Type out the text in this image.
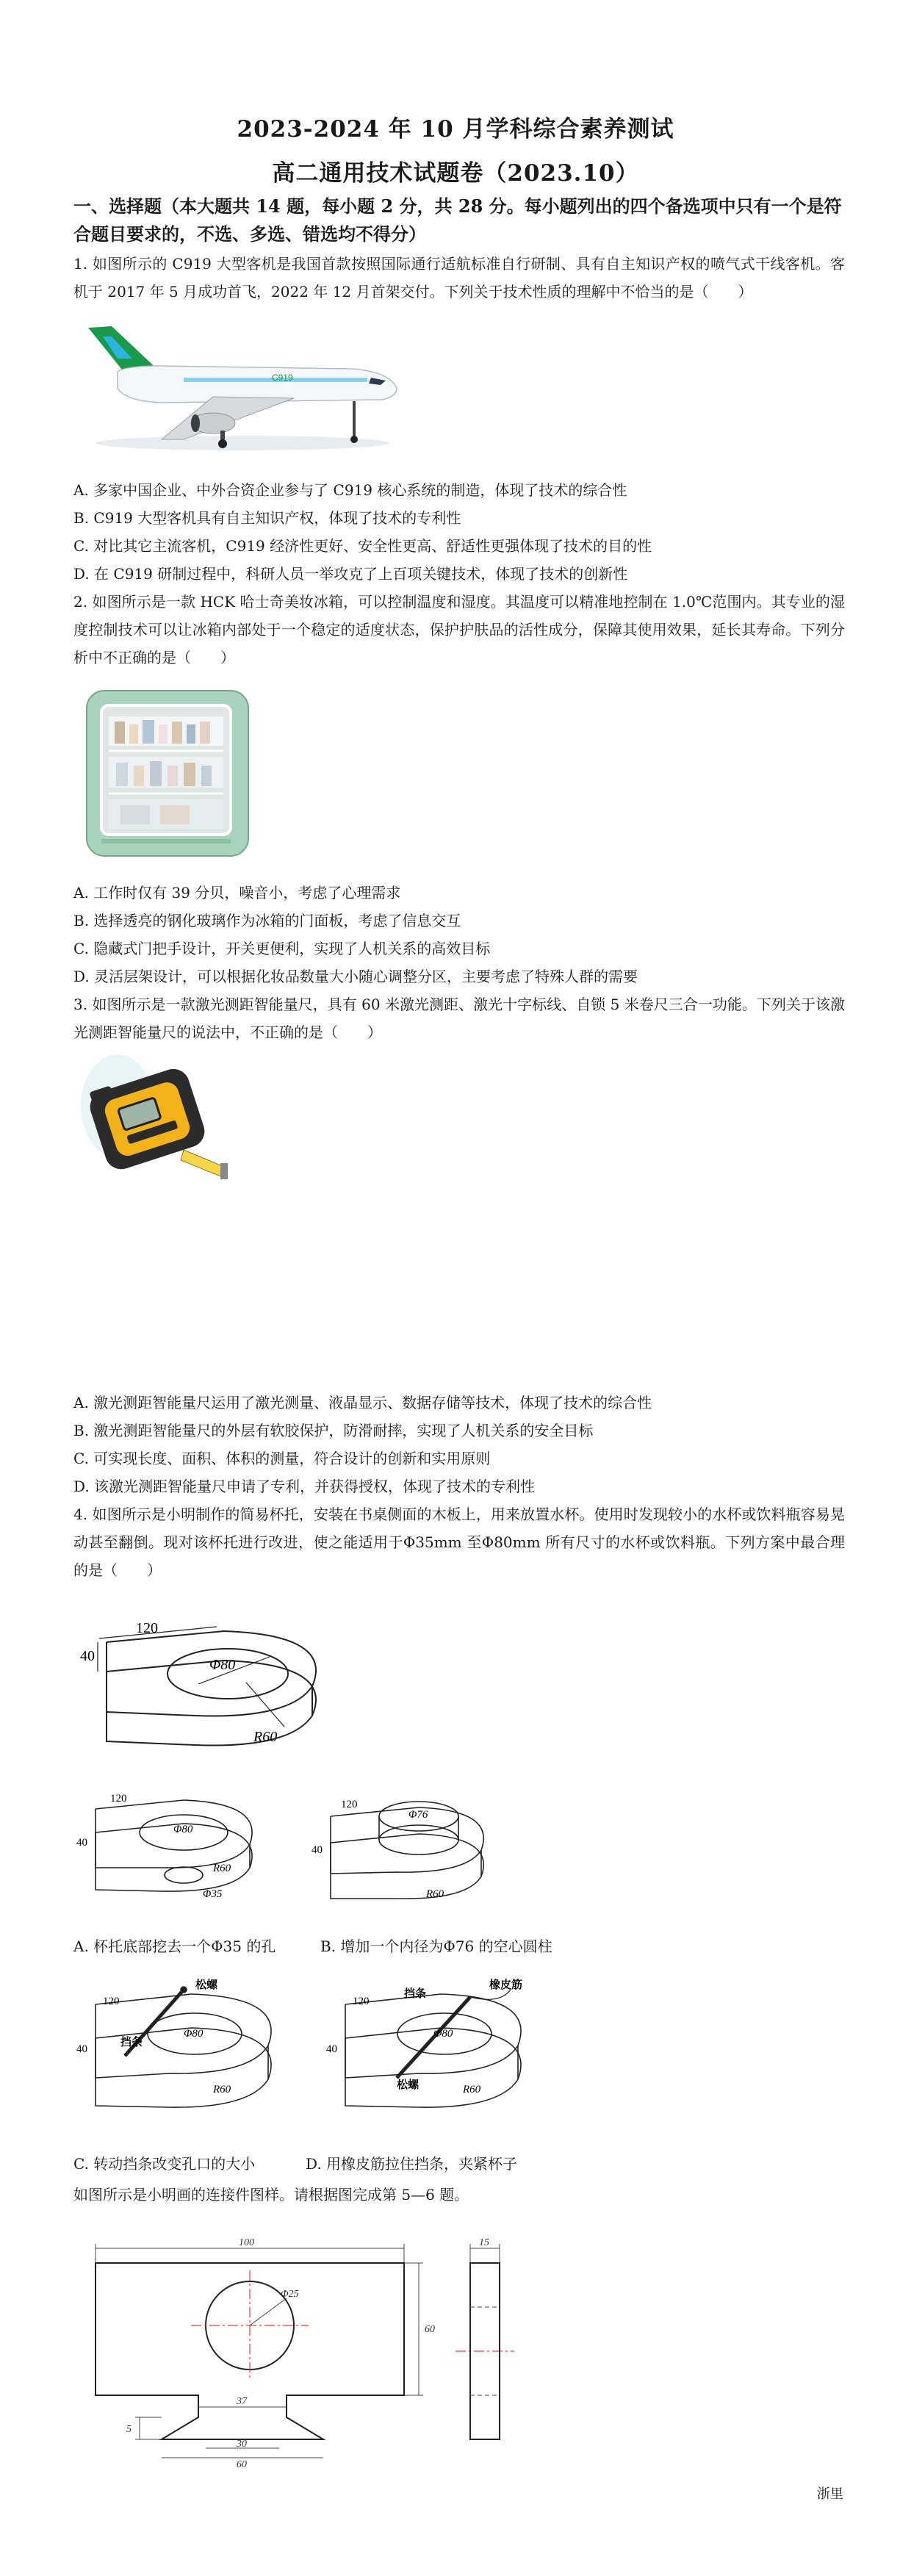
2023-2024 年 10 月学科综合素养测试
高二通用技术试题卷（2023.10）
一、选择题（本大题共 14 题，每小题 2 分，共 28 分。每小题列出的四个备选项中只有一个是符合题目要求的，不选、多选、错选均不得分）
1. 如图所示的 C919 大型客机是我国首款按照国际通行适航标准自行研制、具有自主知识产权的喷气式干线客机。客机于 2017 年 5 月成功首飞，2022 年 12 月首架交付。下列关于技术性质的理解中不恰当的是（　　）
C919
A. 多家中国企业、中外合资企业参与了 C919 核心系统的制造，体现了技术的综合性
B. C919 大型客机具有自主知识产权，体现了技术的专利性
C. 对比其它主流客机，C919 经济性更好、安全性更高、舒适性更强体现了技术的目的性
D. 在 C919 研制过程中，科研人员一举攻克了上百项关键技术，体现了技术的创新性
2. 如图所示是一款 HCK 哈士奇美妆冰箱，可以控制温度和湿度。其温度可以精准地控制在 1.0℃范围内。其专业的湿度控制技术可以让冰箱内部处于一个稳定的适度状态，保护护肤品的活性成分，保障其使用效果，延长其寿命。下列分析中不正确的是（　　）
A. 工作时仅有 39 分贝，噪音小，考虑了心理需求
B. 选择透亮的钢化玻璃作为冰箱的门面板，考虑了信息交互
C. 隐藏式门把手设计，开关更便利，实现了人机关系的高效目标
D. 灵活层架设计，可以根据化妆品数量大小随心调整分区，主要考虑了特殊人群的需要
3. 如图所示是一款激光测距智能量尺，具有 60 米激光测距、激光十字标线、自锁 5 米卷尺三合一功能。下列关于该激光测距智能量尺的说法中，不正确的是（　　）
A. 激光测距智能量尺运用了激光测量、液晶显示、数据存储等技术，体现了技术的综合性
B. 激光测距智能量尺的外层有软胶保护，防滑耐摔，实现了人机关系的安全目标
C. 可实现长度、面积、体积的测量，符合设计的创新和实用原则
D. 该激光测距智能量尺申请了专利，并获得授权，体现了技术的专利性
4. 如图所示是小明制作的简易杯托，安装在书桌侧面的木板上，用来放置水杯。使用时发现较小的水杯或饮料瓶容易晃动甚至翻倒。现对该杯托进行改进，使之能适用于Φ35mm 至Φ80mm 所有尺寸的水杯或饮料瓶。下列方案中最合理的是（　　）
120
40
Φ80
R60
120
40
Φ80
R60
Φ35
120
40
Φ76
R60
A. 杯托底部挖去一个Φ35 的孔	B. 增加一个内径为Φ76 的空心圆柱
120
40
Φ80
R60
松螺
挡条
120
40
Φ80
R60
松螺
挡条
橡皮筋
C. 转动挡条改变孔口的大小	D. 用橡皮筋拉住挡条，夹紧杯子
如图所示是小明画的连接件图样。请根据图完成第 5—6 题。
100
Φ25
60
37
30
60
5
15
浙里
